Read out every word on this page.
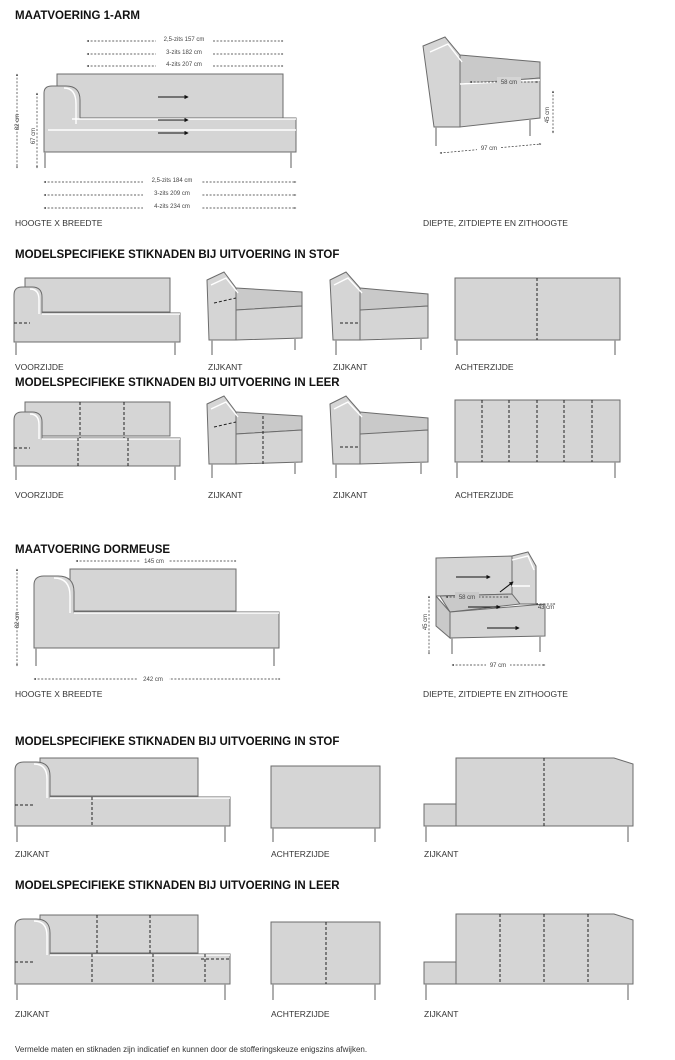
MAATVOERING 1-ARM
2,5-zits 157 cm
3-zits 182 cm
4-zits 207 cm
2,5-zits 184 cm
3-zits 209 cm
4-zits 234 cm
82 cm
67 cm
HOOGTE X BREEDTE
58 cm
45 cm
97 cm
DIEPTE, ZITDIEPTE EN ZITHOOGTE
MODELSPECIFIEKE STIKNADEN BIJ UITVOERING IN STOF
VOORZIJDE	ZIJKANT	ZIJKANT	ACHTERZIJDE
MODELSPECIFIEKE STIKNADEN BIJ UITVOERING IN LEER
VOORZIJDE	ZIJKANT	ZIJKANT	ACHTERZIJDE
MAATVOERING DORMEUSE
145 cm
242 cm
82 cm
HOOGTE X BREEDTE
58 cm
43 cm
45 cm
97 cm
DIEPTE, ZITDIEPTE EN ZITHOOGTE
MODELSPECIFIEKE STIKNADEN BIJ UITVOERING IN STOF
ZIJKANT	ACHTERZIJDE	ZIJKANT
MODELSPECIFIEKE STIKNADEN BIJ UITVOERING IN LEER
ZIJKANT	ACHTERZIJDE	ZIJKANT
Vermelde maten en stiknaden zijn indicatief en kunnen door de stofferingskeuze enigszins afwijken.
